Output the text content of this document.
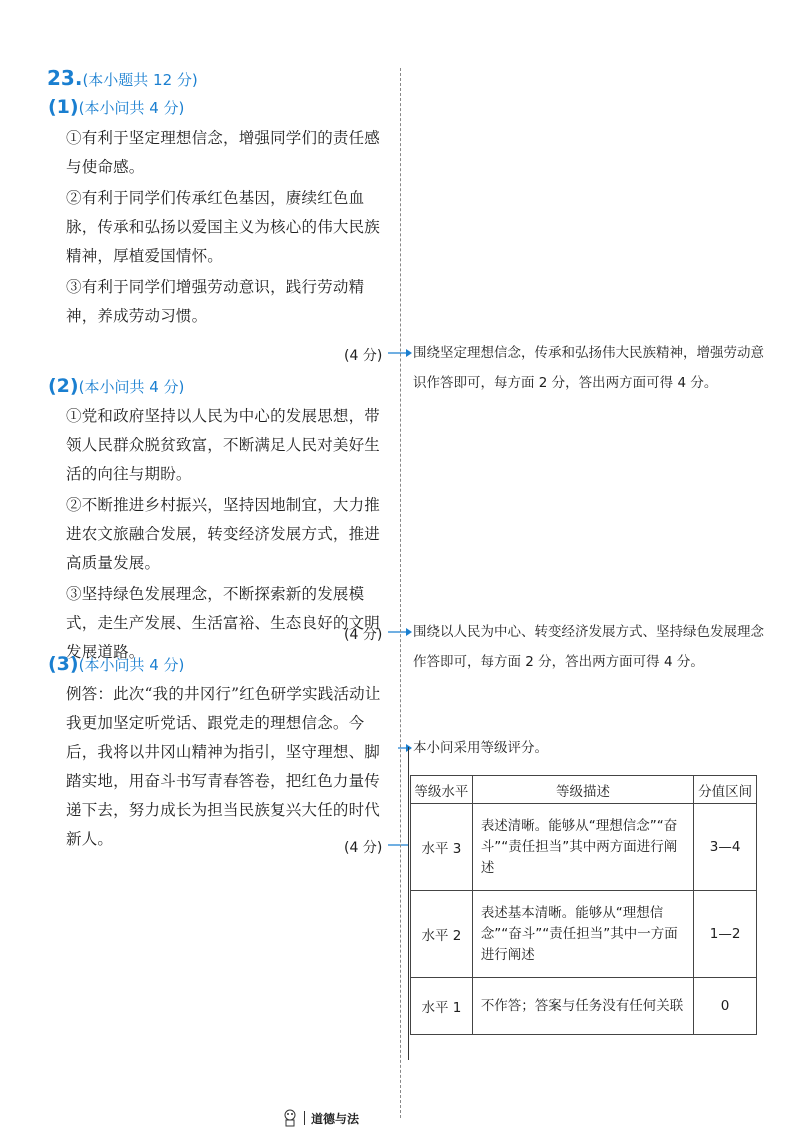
23.(本小题共 12 分)
(1)(本小问共 4 分)

①有利于坚定理想信念，增强同学们的责任感与使命感。

②有利于同学们传承红色基因，赓续红色血脉，传承和弘扬以爱国主义为核心的伟大民族精神，厚植爱国情怀。

③有利于同学们增强劳动意识，践行劳动精神，养成劳动习惯。

(4 分) 围绕坚定理想信念，传承和弘扬伟大民族精神，增强劳动意识作答即可，每方面 2 分，答出两方面可得 4 分。
(2)(本小问共 4 分)

①党和政府坚持以人民为中心的发展思想，带领人民群众脱贫致富，不断满足人民对美好生活的向往与期盼。

②不断推进乡村振兴，坚持因地制宜，大力推进农文旅融合发展，转变经济发展方式，推进高质量发展。

③坚持绿色发展理念，不断探索新的发展模式，走生产发展、生活富裕、生态良好的文明发展道路。

(4 分) 围绕以人民为中心、转变经济发展方式、坚持绿色发展理念作答即可，每方面 2 分，答出两方面可得 4 分。
(3)(本小问共 4 分)

例答：此次“我的井冈行”红色研学实践活动让我更加坚定听党话、跟党走的理想信念。今后，我将以井冈山精神为指引，坚守理想、脚踏实地，用奋斗书写青春答卷，把红色力量传递下去，努力成长为担当民族复兴大任的时代新人。	(4 分)
本小问采用等级评分。
等级水平	等级描述	分值区间
水平 3	表述清晰。能够从“理想信念”“奋斗”“责任担当”其中两方面进行阐述	3—4
水平 2	表述基本清晰。能够从“理想信念”“奋斗”“责任担当”其中一方面进行阐述	1—2
水平 1	不作答；答案与任务没有任何关联	0
道德与法
